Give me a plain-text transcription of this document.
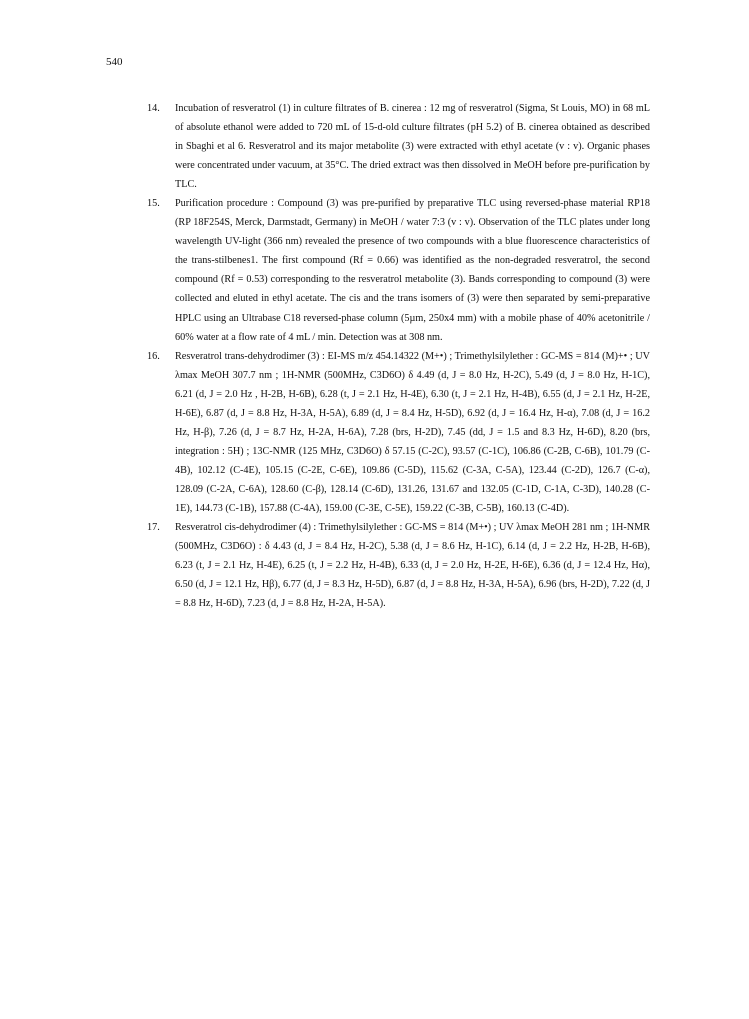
540
14. Incubation of resveratrol (1) in culture filtrates of B. cinerea : 12 mg of resveratrol (Sigma, St Louis, MO) in 68 mL of absolute ethanol were added to 720 mL of 15-d-old culture filtrates (pH 5.2) of B. cinerea obtained as described in Sbaghi et al 6. Resveratrol and its major metabolite (3) were extracted with ethyl acetate (v : v). Organic phases were concentrated under vacuum, at 35°C. The dried extract was then dissolved in MeOH before pre-purification by TLC.

15. Purification procedure : Compound (3) was pre-purified by preparative TLC using reversed-phase material RP18 (RP 18F254S, Merck, Darmstadt, Germany) in MeOH / water 7:3 (v : v). Observation of the TLC plates under long wavelength UV-light (366 nm) revealed the presence of two compounds with a blue fluorescence characteristics of the trans-stilbenes1. The first compound (Rf = 0.66) was identified as the non-degraded resveratrol, the second compound (Rf = 0.53) corresponding to the resveratrol metabolite (3). Bands corresponding to compound (3) were collected and eluted in ethyl acetate. The cis and the trans isomers of (3) were then separated by semi-preparative HPLC using an Ultrabase C18 reversed-phase column (5µm, 250x4 mm) with a mobile phase of 40% acetonitrile / 60% water at a flow rate of 4 mL / min. Detection was at 308 nm.

16. Resveratrol trans-dehydrodimer (3) : EI-MS m/z 454.14322 (M+•) ; Trimethylsilylether : GC-MS = 814 (M)+• ; UV λmax MeOH 307.7 nm ; 1H-NMR (500MHz, C3D6O) δ 4.49 (d, J = 8.0 Hz, H-2C), 5.49 (d, J = 8.0 Hz, H-1C), 6.21 (d, J = 2.0 Hz , H-2B, H-6B), 6.28 (t, J = 2.1 Hz, H-4E), 6.30 (t, J = 2.1 Hz, H-4B), 6.55 (d, J = 2.1 Hz, H-2E, H-6E), 6.87 (d, J = 8.8 Hz, H-3A, H-5A), 6.89 (d, J = 8.4 Hz, H-5D), 6.92 (d, J = 16.4 Hz, H-α), 7.08 (d, J = 16.2 Hz, H-β), 7.26 (d, J = 8.7 Hz, H-2A, H-6A), 7.28 (brs, H-2D), 7.45 (dd, J = 1.5 and 8.3 Hz, H-6D), 8.20 (brs, integration : 5H) ; 13C-NMR (125 MHz, C3D6O) δ 57.15 (C-2C), 93.57 (C-1C), 106.86 (C-2B, C-6B), 101.79 (C-4B), 102.12 (C-4E), 105.15 (C-2E, C-6E), 109.86 (C-5D), 115.62 (C-3A, C-5A), 123.44 (C-2D), 126.7 (C-α), 128.09 (C-2A, C-6A), 128.60 (C-β), 128.14 (C-6D), 131.26, 131.67 and 132.05 (C-1D, C-1A, C-3D), 140.28 (C-1E), 144.73 (C-1B), 157.88 (C-4A), 159.00 (C-3E, C-5E), 159.22 (C-3B, C-5B), 160.13 (C-4D).

17. Resveratrol cis-dehydrodimer (4) : Trimethylsilylether : GC-MS = 814 (M+•) ; UV λmax MeOH 281 nm ; 1H-NMR (500MHz, C3D6O) : δ 4.43 (d, J = 8.4 Hz, H-2C), 5.38 (d, J = 8.6 Hz, H-1C), 6.14 (d, J = 2.2 Hz, H-2B, H-6B), 6.23 (t, J = 2.1 Hz, H-4E), 6.25 (t, J = 2.2 Hz, H-4B), 6.33 (d, J = 2.0 Hz, H-2E, H-6E), 6.36 (d, J = 12.4 Hz, Hα), 6.50 (d, J = 12.1 Hz, Hβ), 6.77 (d, J = 8.3 Hz, H-5D), 6.87 (d, J = 8.8 Hz, H-3A, H-5A), 6.96 (brs, H-2D), 7.22 (d, J = 8.8 Hz, H-6D), 7.23 (d, J = 8.8 Hz, H-2A, H-5A).
